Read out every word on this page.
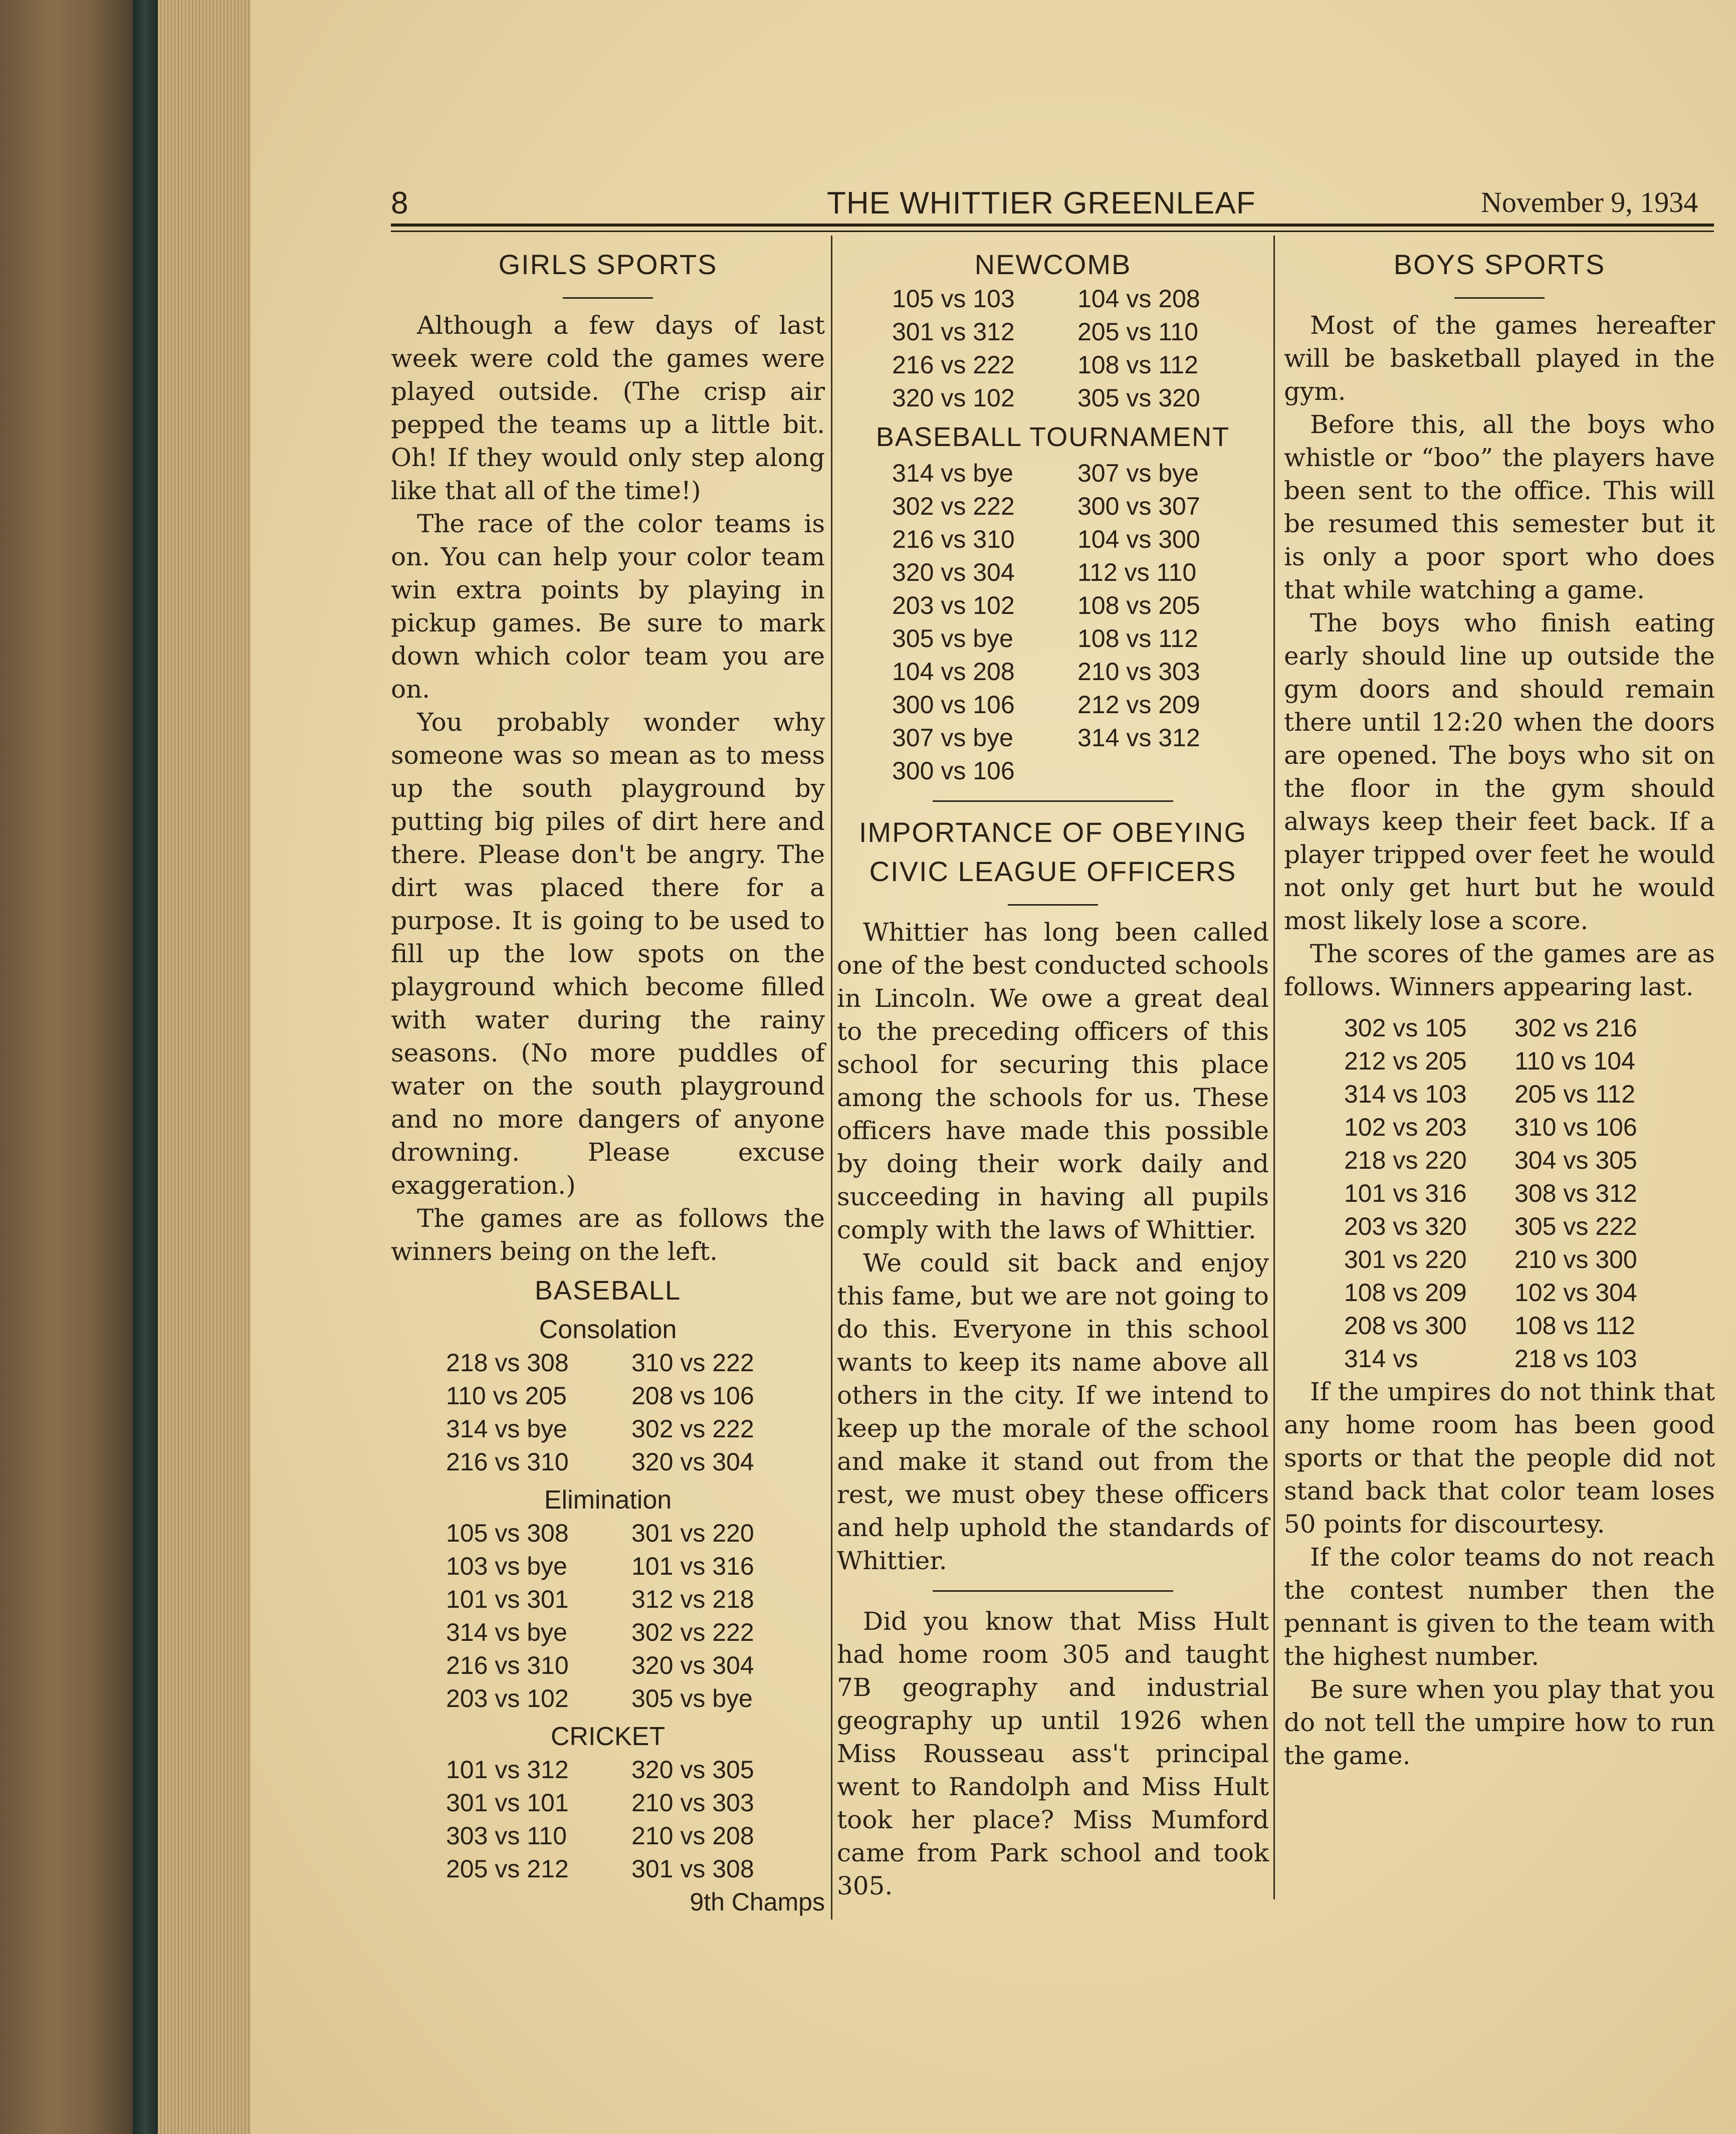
8	THE WHITTIER GREENLEAF	November 9, 1934
GIRLS SPORTS

Although a few days of last week were cold the games were played outside. (The crisp air pepped the teams up a little bit. Oh! If they would only step along like that all of the time!)

The race of the color teams is on. You can help your color team win extra points by playing in pickup games. Be sure to mark down which color team you are on.

You probably wonder why someone was so mean as to mess up the south playground by putting big piles of dirt here and there. Please don't be angry. The dirt was placed there for a purpose. It is going to be used to fill up the low spots on the playground which become filled with water during the rainy seasons. (No more puddles of water on the south playground and no more dangers of anyone drowning. Please excuse exaggeration.)

The games are as follows the winners being on the left.

BASEBALL
Consolation
218 vs 308	310 vs 222
110 vs 205	208 vs 106
314 vs bye	302 vs 222
216 vs 310	320 vs 304
Elimination
105 vs 308	301 vs 220
103 vs bye	101 vs 316
101 vs 301	312 vs 218
314 vs bye	302 vs 222
216 vs 310	320 vs 304
203 vs 102	305 vs bye
CRICKET
101 vs 312	320 vs 305
301 vs 101	210 vs 303
303 vs 110	210 vs 208
205 vs 212	301 vs 308
9th Champs
NEWCOMB
105 vs 103	104 vs 208
301 vs 312	205 vs 110
216 vs 222	108 vs 112
320 vs 102	305 vs 320
BASEBALL TOURNAMENT
314 vs bye	307 vs bye
302 vs 222	300 vs 307
216 vs 310	104 vs 300
320 vs 304	112 vs 110
203 vs 102	108 vs 205
305 vs bye	108 vs 112
104 vs 208	210 vs 303
300 vs 106	212 vs 209
307 vs bye	314 vs 312
300 vs 106
IMPORTANCE OF OBEYING
CIVIC LEAGUE OFFICERS

Whittier has long been called one of the best conducted schools in Lincoln. We owe a great deal to the preceding officers of this school for securing this place among the schools for us. These officers have made this possible by doing their work daily and succeeding in having all pupils comply with the laws of Whittier.

We could sit back and enjoy this fame, but we are not going to do this. Everyone in this school wants to keep its name above all others in the city. If we intend to keep up the morale of the school and make it stand out from the rest, we must obey these officers and help uphold the standards of Whittier.

Did you know that Miss Hult had home room 305 and taught 7B geography and industrial geography up until 1926 when Miss Rousseau ass't principal went to Randolph and Miss Hult took her place? Miss Mumford came from Park school and took 305.

BOYS SPORTS

Most of the games hereafter will be basketball played in the gym.

Before this, all the boys who whistle or “boo” the players have been sent to the office. This will be resumed this semester but it is only a poor sport who does that while watching a game.

The boys who finish eating early should line up outside the gym doors and should remain there until 12:20 when the doors are opened. The boys who sit on the floor in the gym should always keep their feet back. If a player tripped over feet he would not only get hurt but he would most likely lose a score.

The scores of the games are as follows. Winners appearing last.

302 vs 105	302 vs 216
212 vs 205	110 vs 104
314 vs 103	205 vs 112
102 vs 203	310 vs 106
218 vs 220	304 vs 305
101 vs 316	308 vs 312
203 vs 320	305 vs 222
301 vs 220	210 vs 300
108 vs 209	102 vs 304
208 vs 300	108 vs 112
314 vs	218 vs 103

If the umpires do not think that any home room has been good sports or that the people did not stand back that color team loses 50 points for discourtesy.

If the color teams do not reach the contest number then the pennant is given to the team with the highest number.

Be sure when you play that you do not tell the umpire how to run the game.
